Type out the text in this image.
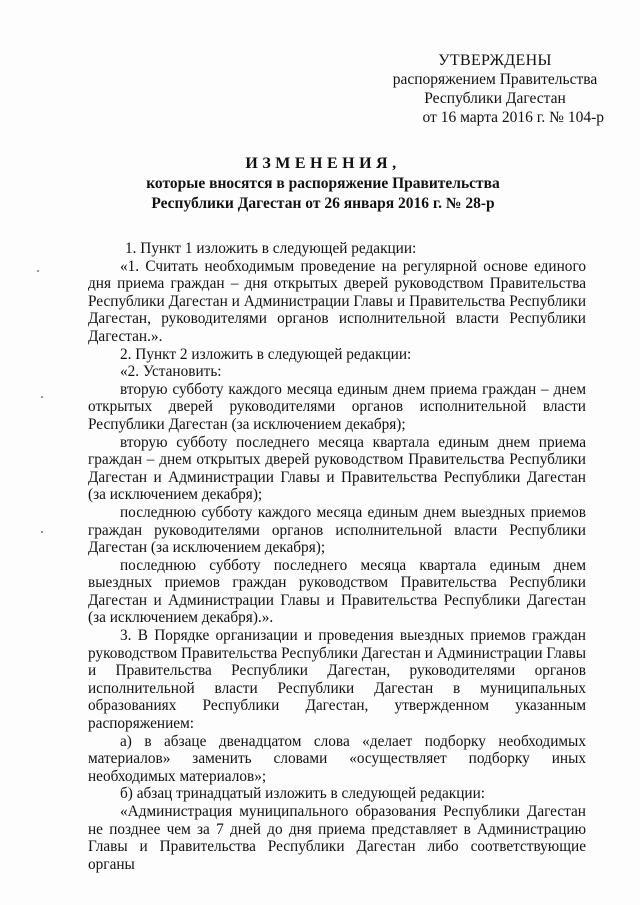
УТВЕРЖДЕНЫ
распоряжением Правительства
Республики Дагестан
от 16 марта 2016 г. № 104-р
ИЗМЕНЕНИЯ,
которые вносятся в распоряжение Правительства
Республики Дагестан от 26 января 2016 г. № 28-р

1. Пункт 1 изложить в следующей редакции:

«1. Считать необходимым проведение на регулярной основе единого дня приема граждан – дня открытых дверей руководством Правительства Республики Дагестан и Администрации Главы и Правительства Республики Дагестан, руководителями органов исполнительной власти Республики Дагестан.».

2. Пункт 2 изложить в следующей редакции:

«2. Установить:

вторую субботу каждого месяца единым днем приема граждан – днем открытых дверей руководителями органов исполнительной власти Республики Дагестан (за исключением декабря);

вторую субботу последнего месяца квартала единым днем приема граждан – днем открытых дверей руководством Правительства Республики Дагестан и Администрации Главы и Правительства Республики Дагестан (за исключением декабря);

последнюю субботу каждого месяца единым днем выездных приемов граждан руководителями органов исполнительной власти Республики Дагестан (за исключением декабря);

последнюю субботу последнего месяца квартала единым днем выездных приемов граждан руководством Правительства Республики Дагестан и Администрации Главы и Правительства Республики Дагестан (за исключением декабря).».

3. В Порядке организации и проведения выездных приемов граждан руководством Правительства Республики Дагестан и Администрации Главы и Правительства Республики Дагестан, руководителями органов исполнительной власти Республики Дагестан в муниципальных образованиях Республики Дагестан, утвержденном указанным распоряжением:

а) в абзаце двенадцатом слова «делает подборку необходимых материалов» заменить словами «осуществляет подборку иных необходимых материалов»;

б) абзац тринадцатый изложить в следующей редакции:

«Администрация муниципального образования Республики Дагестан не позднее чем за 7 дней до дня приема представляет в Администрацию Главы и Правительства Республики Дагестан либо соответствующие органы
